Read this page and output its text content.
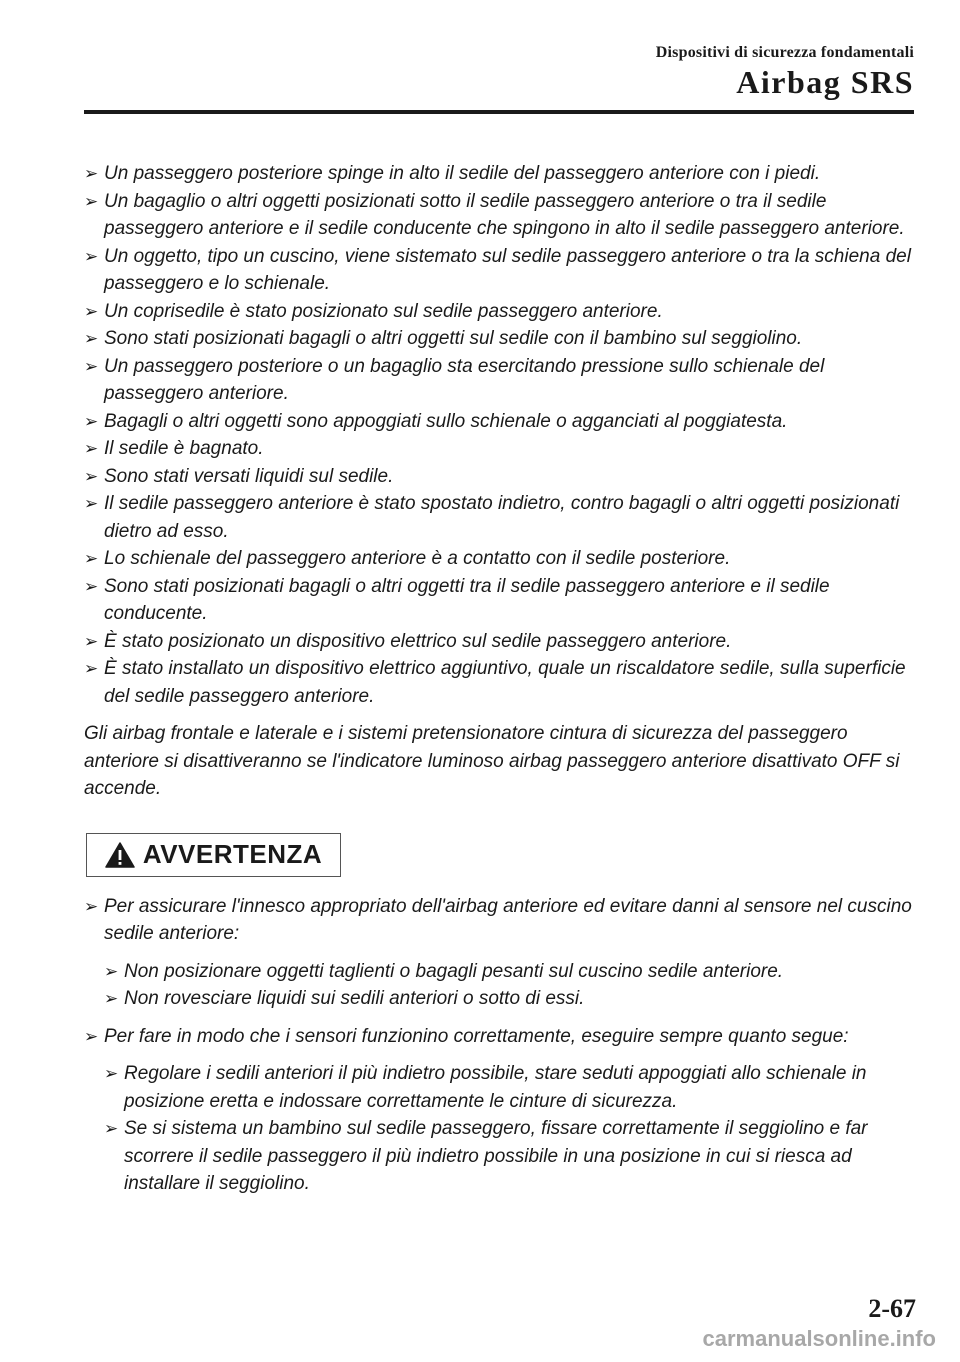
Dispositivi di sicurezza fondamentali
Airbag SRS
➢ Un passeggero posteriore spinge in alto il sedile del passeggero anteriore con i piedi.
➢ Un bagaglio o altri oggetti posizionati sotto il sedile passeggero anteriore o tra il sedile passeggero anteriore e il sedile conducente che spingono in alto il sedile passeggero anteriore.
➢ Un oggetto, tipo un cuscino, viene sistemato sul sedile passeggero anteriore o tra la schiena del passeggero e lo schienale.
➢ Un coprisedile è stato posizionato sul sedile passeggero anteriore.
➢ Sono stati posizionati bagagli o altri oggetti sul sedile con il bambino sul seggiolino.
➢ Un passeggero posteriore o un bagaglio sta esercitando pressione sullo schienale del passeggero anteriore.
➢ Bagagli o altri oggetti sono appoggiati sullo schienale o agganciati al poggiatesta.
➢ Il sedile è bagnato.
➢ Sono stati versati liquidi sul sedile.
➢ Il sedile passeggero anteriore è stato spostato indietro, contro bagagli o altri oggetti posizionati dietro ad esso.
➢ Lo schienale del passeggero anteriore è a contatto con il sedile posteriore.
➢ Sono stati posizionati bagagli o altri oggetti tra il sedile passeggero anteriore e il sedile conducente.
➢ È stato posizionato un dispositivo elettrico sul sedile passeggero anteriore.
➢ È stato installato un dispositivo elettrico aggiuntivo, quale un riscaldatore sedile, sulla superficie del sedile passeggero anteriore.

Gli airbag frontale e laterale e i sistemi pretensionatore cintura di sicurezza del passeggero anteriore si disattiveranno se l'indicatore luminoso airbag passeggero anteriore disattivato OFF si accende.

AVVERTENZA
➢ Per assicurare l'innesco appropriato dell'airbag anteriore ed evitare danni al sensore nel cuscino sedile anteriore:
➢ Non posizionare oggetti taglienti o bagagli pesanti sul cuscino sedile anteriore.
➢ Non rovesciare liquidi sui sedili anteriori o sotto di essi.
➢ Per fare in modo che i sensori funzionino correttamente, eseguire sempre quanto segue:
➢ Regolare i sedili anteriori il più indietro possibile, stare seduti appoggiati allo schienale in posizione eretta e indossare correttamente le cinture di sicurezza.
➢ Se si sistema un bambino sul sedile passeggero, fissare correttamente il seggiolino e far scorrere il sedile passeggero il più indietro possibile in una posizione in cui si riesca ad installare il seggiolino.
2-67
carmanualsonline.info
